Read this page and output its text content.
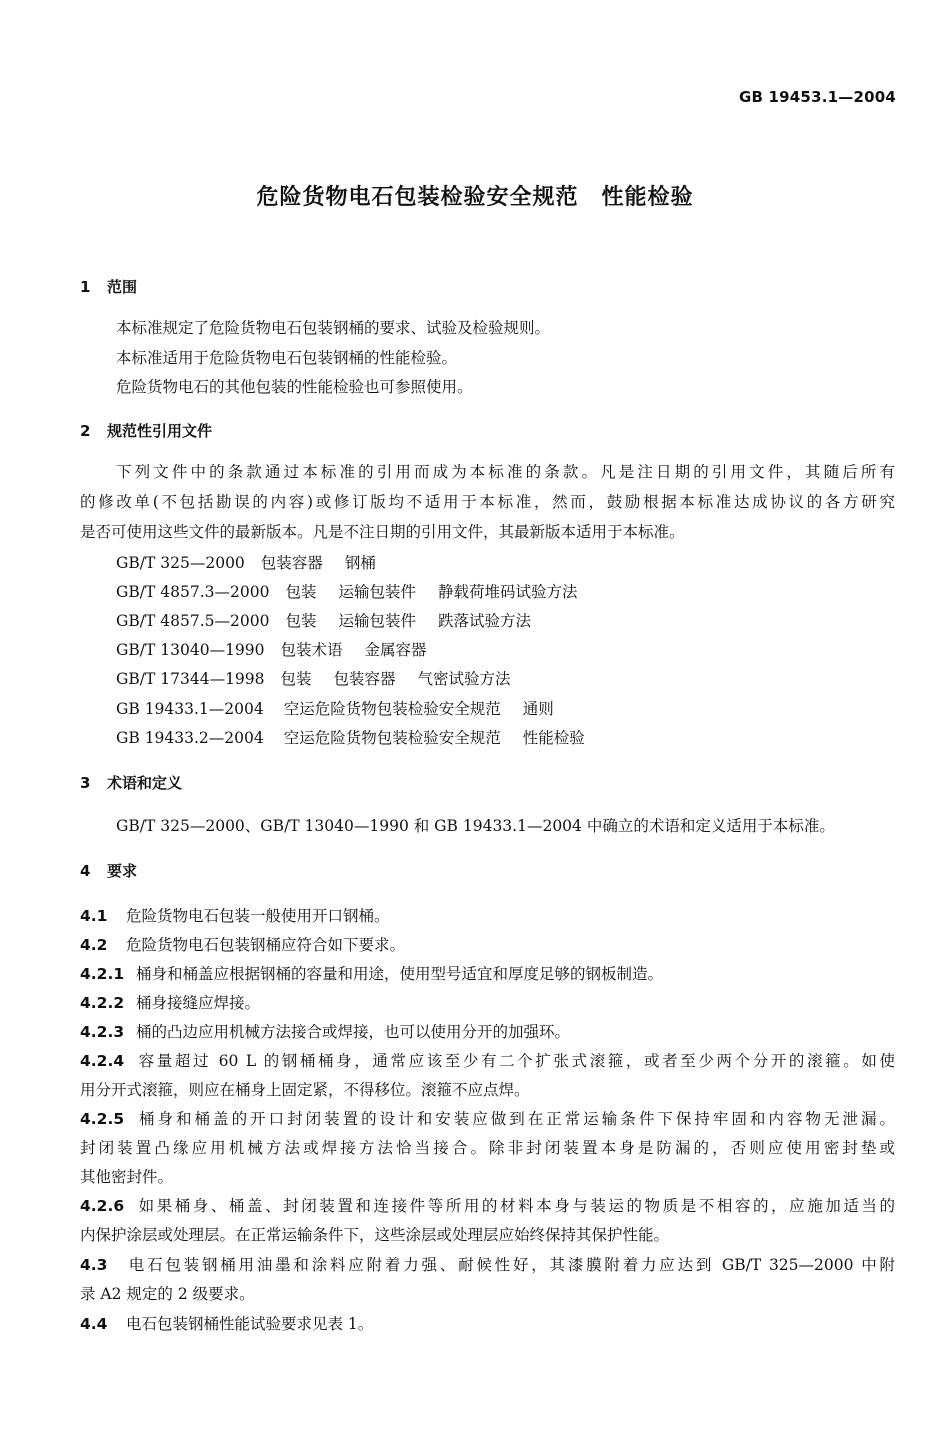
GB 19453.1—2004
危险货物电石包装检验安全规范　性能检验
1 范围
本标准规定了危险货物电石包装钢桶的要求、试验及检验规则。
本标准适用于危险货物电石包装钢桶的性能检验。
危险货物电石的其他包装的性能检验也可参照使用。
2 规范性引用文件
下列文件中的条款通过本标准的引用而成为本标准的条款。凡是注日期的引用文件，其随后所有
的修改单(不包括勘误的内容)或修订版均不适用于本标准，然而，鼓励根据本标准达成协议的各方研究
是否可使用这些文件的最新版本。凡是不注日期的引用文件，其最新版本适用于本标准。
GB/T 325—2000 包装容器 钢桶
GB/T 4857.3—2000 包装 运输包装件 静载荷堆码试验方法
GB/T 4857.5—2000 包装 运输包装件 跌落试验方法
GB/T 13040—1990 包装术语 金属容器
GB/T 17344—1998 包装 包装容器 气密试验方法
GB 19433.1—2004 空运危险货物包装检验安全规范 通则
GB 19433.2—2004 空运危险货物包装检验安全规范 性能检验
3 术语和定义
GB/T 325—2000、GB/T 13040—1990 和 GB 19433.1—2004 中确立的术语和定义适用于本标准。
4 要求
4.1 危险货物电石包装一般使用开口钢桶。
4.2 危险货物电石包装钢桶应符合如下要求。
4.2.1 桶身和桶盖应根据钢桶的容量和用途，使用型号适宜和厚度足够的钢板制造。
4.2.2 桶身接缝应焊接。
4.2.3 桶的凸边应用机械方法接合或焊接，也可以使用分开的加强环。
4.2.4 容量超过 60 L 的钢桶桶身，通常应该至少有二个扩张式滚箍，或者至少两个分开的滚箍。如使
用分开式滚箍，则应在桶身上固定紧，不得移位。滚箍不应点焊。
4.2.5 桶身和桶盖的开口封闭装置的设计和安装应做到在正常运输条件下保持牢固和内容物无泄漏。
封闭装置凸缘应用机械方法或焊接方法恰当接合。除非封闭装置本身是防漏的，否则应使用密封垫或
其他密封件。
4.2.6 如果桶身、桶盖、封闭装置和连接件等所用的材料本身与装运的物质是不相容的，应施加适当的
内保护涂层或处理层。在正常运输条件下，这些涂层或处理层应始终保持其保护性能。
4.3 电石包装钢桶用油墨和涂料应附着力强、耐候性好，其漆膜附着力应达到 GB/T 325—2000 中附
录 A2 规定的 2 级要求。
4.4 电石包装钢桶性能试验要求见表 1。
